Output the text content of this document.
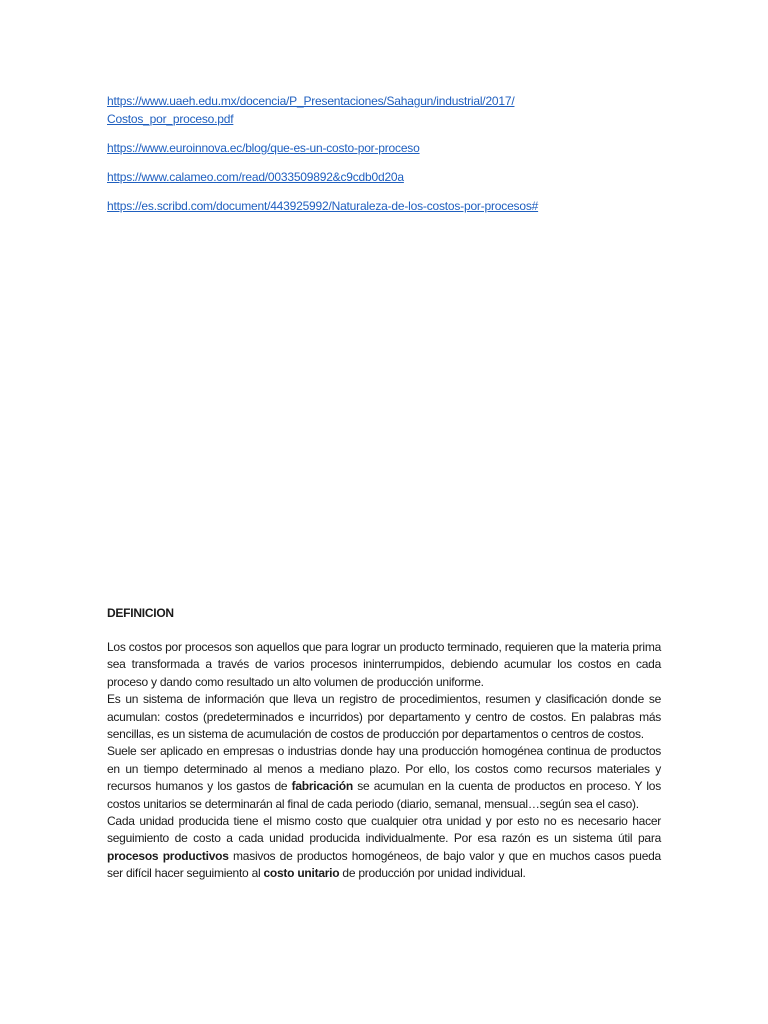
https://www.uaeh.edu.mx/docencia/P_Presentaciones/Sahagun/industrial/2017/
Costos_por_proceso.pdf
https://www.euroinnova.ec/blog/que-es-un-costo-por-proceso
https://www.calameo.com/read/0033509892&c9cdb0d20a
https://es.scribd.com/document/443925992/Naturaleza-de-los-costos-por-procesos#
DEFINICION

Los costos por procesos son aquellos que para lograr un producto terminado, requieren que la materia prima sea transformada a través de varios procesos ininterrumpidos, debiendo acumular los costos en cada proceso y dando como resultado un alto volumen de producción uniforme.

Es un sistema de información que lleva un registro de procedimientos, resumen y clasificación donde se acumulan: costos (predeterminados e incurridos) por departamento y centro de costos. En palabras más sencillas, es un sistema de acumulación de costos de producción por departamentos o centros de costos.

Suele ser aplicado en empresas o industrias donde hay una producción homogénea continua de productos en un tiempo determinado al menos a mediano plazo. Por ello, los costos como recursos materiales y recursos humanos y los gastos de fabricación se acumulan en la cuenta de productos en proceso. Y los costos unitarios se determinarán al final de cada periodo (diario, semanal, mensual…según sea el caso).

Cada unidad producida tiene el mismo costo que cualquier otra unidad y por esto no es necesario hacer seguimiento de costo a cada unidad producida individualmente. Por esa razón es un sistema útil para procesos productivos masivos de productos homogéneos, de bajo valor y que en muchos casos pueda ser difícil hacer seguimiento al costo unitario de producción por unidad individual.
